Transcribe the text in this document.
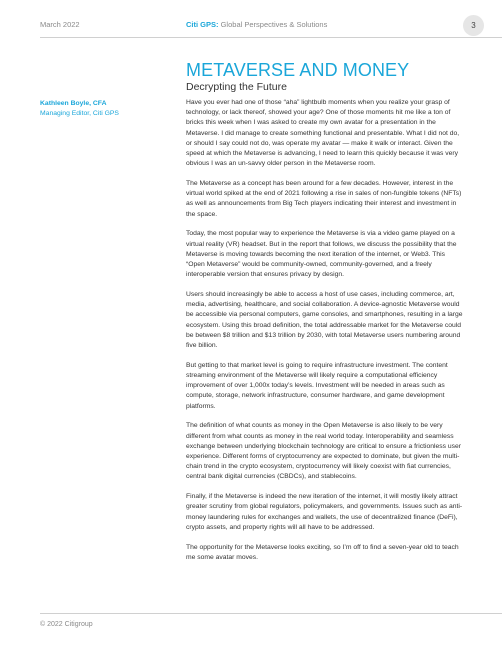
March 2022	Citi GPS: Global Perspectives & Solutions	3
METAVERSE AND MONEY
Decrypting the Future
Kathleen Boyle, CFA
Managing Editor, Citi GPS

Have you ever had one of those “aha” lightbulb moments when you realize your grasp of technology, or lack thereof, showed your age? One of those moments hit me like a ton of bricks this week when I was asked to create my own avatar for a presentation in the Metaverse. I did manage to create something functional and presentable. What I did not do, or should I say could not do, was operate my avatar — make it walk or interact. Given the speed at which the Metaverse is advancing, I need to learn this quickly because it was very obvious I was an un-savvy older person in the Metaverse room.

The Metaverse as a concept has been around for a few decades. However, interest in the virtual world spiked at the end of 2021 following a rise in sales of non-fungible tokens (NFTs) as well as announcements from Big Tech players indicating their interest and investment in the space.

Today, the most popular way to experience the Metaverse is via a video game played on a virtual reality (VR) headset. But in the report that follows, we discuss the possibility that the Metaverse is moving towards becoming the next iteration of the internet, or Web3. This “Open Metaverse” would be community-owned, community-governed, and a freely interoperable version that ensures privacy by design.

Users should increasingly be able to access a host of use cases, including commerce, art, media, advertising, healthcare, and social collaboration. A device-agnostic Metaverse would be accessible via personal computers, game consoles, and smartphones, resulting in a large ecosystem. Using this broad definition, the total addressable market for the Metaverse could be between $8 trillion and $13 trillion by 2030, with total Metaverse users numbering around five billion.

But getting to that market level is going to require infrastructure investment. The content streaming environment of the Metaverse will likely require a computational efficiency improvement of over 1,000x today’s levels. Investment will be needed in areas such as compute, storage, network infrastructure, consumer hardware, and game development platforms.

The definition of what counts as money in the Open Metaverse is also likely to be very different from what counts as money in the real world today. Interoperability and seamless exchange between underlying blockchain technology are critical to ensure a frictionless user experience. Different forms of cryptocurrency are expected to dominate, but given the multi-chain trend in the crypto ecosystem, cryptocurrency will likely coexist with fiat currencies, central bank digital currencies (CBDCs), and stablecoins.

Finally, if the Metaverse is indeed the new iteration of the internet, it will mostly likely attract greater scrutiny from global regulators, policymakers, and governments. Issues such as anti-money laundering rules for exchanges and wallets, the use of decentralized finance (DeFi), crypto assets, and property rights will all have to be addressed.

The opportunity for the Metaverse looks exciting, so I’m off to find a seven-year old to teach me some avatar moves.

© 2022 Citigroup
